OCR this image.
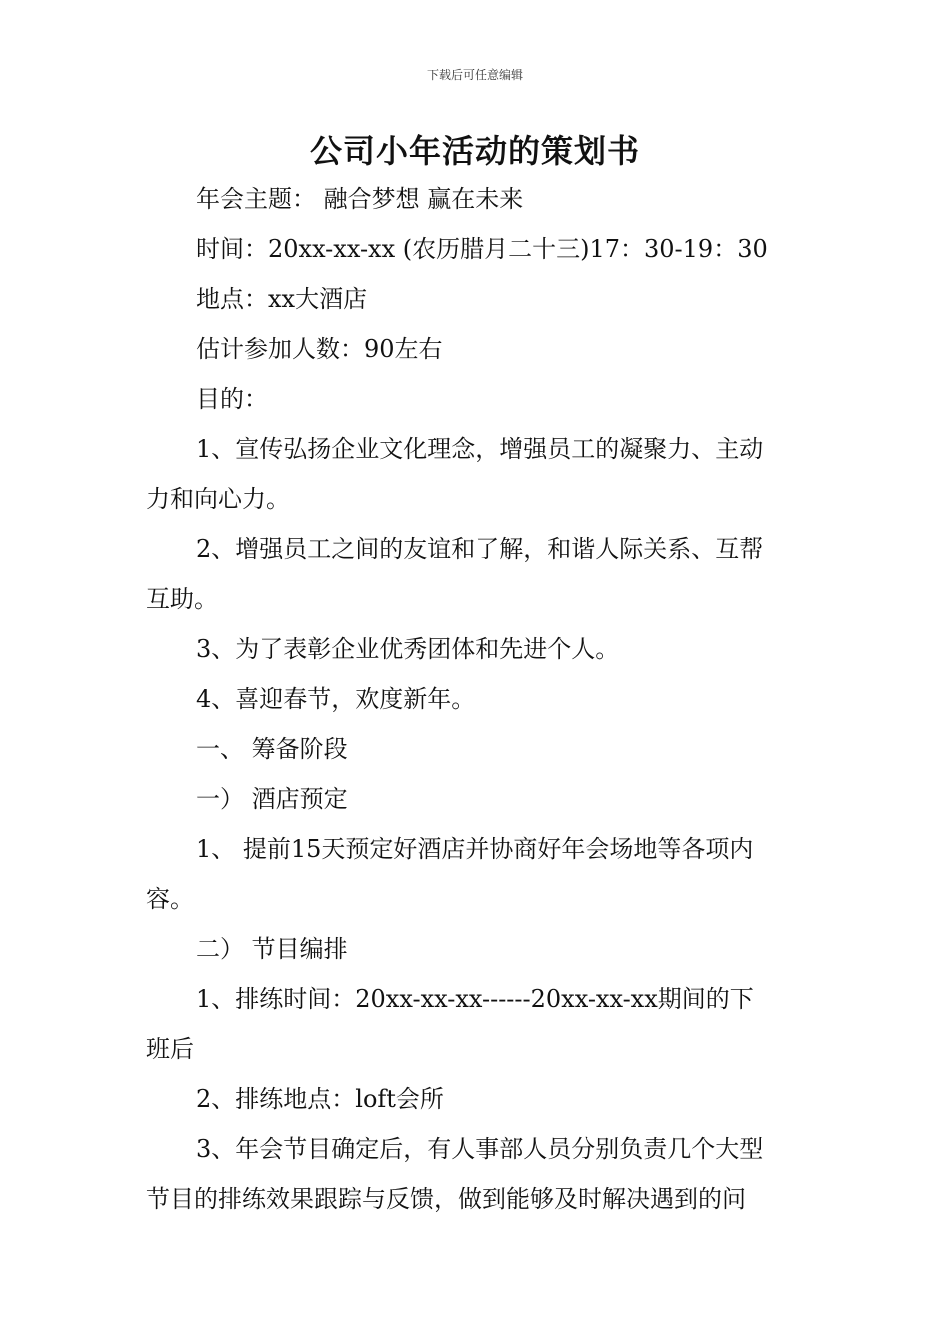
下载后可任意编辑
公司小年活动的策划书
年会主题： 融合梦想 赢在未来
时间：20xx-xx-xx (农历腊月二十三)17：30-19：30
地点：xx大酒店
估计参加人数：90左右
目的：
1、宣传弘扬企业文化理念，增强员工的凝聚力、主动
力和向心力。
2、增强员工之间的友谊和了解，和谐人际关系、互帮
互助。
3、为了表彰企业优秀团体和先进个人。
4、喜迎春节，欢度新年。
一、 筹备阶段
一） 酒店预定
1、 提前15天预定好酒店并协商好年会场地等各项内
容。
二） 节目编排
1、排练时间：20xx-xx-xx------20xx-xx-xx期间的下
班后
2、排练地点：loft会所
3、年会节目确定后，有人事部人员分别负责几个大型
节目的排练效果跟踪与反馈，做到能够及时解决遇到的问
